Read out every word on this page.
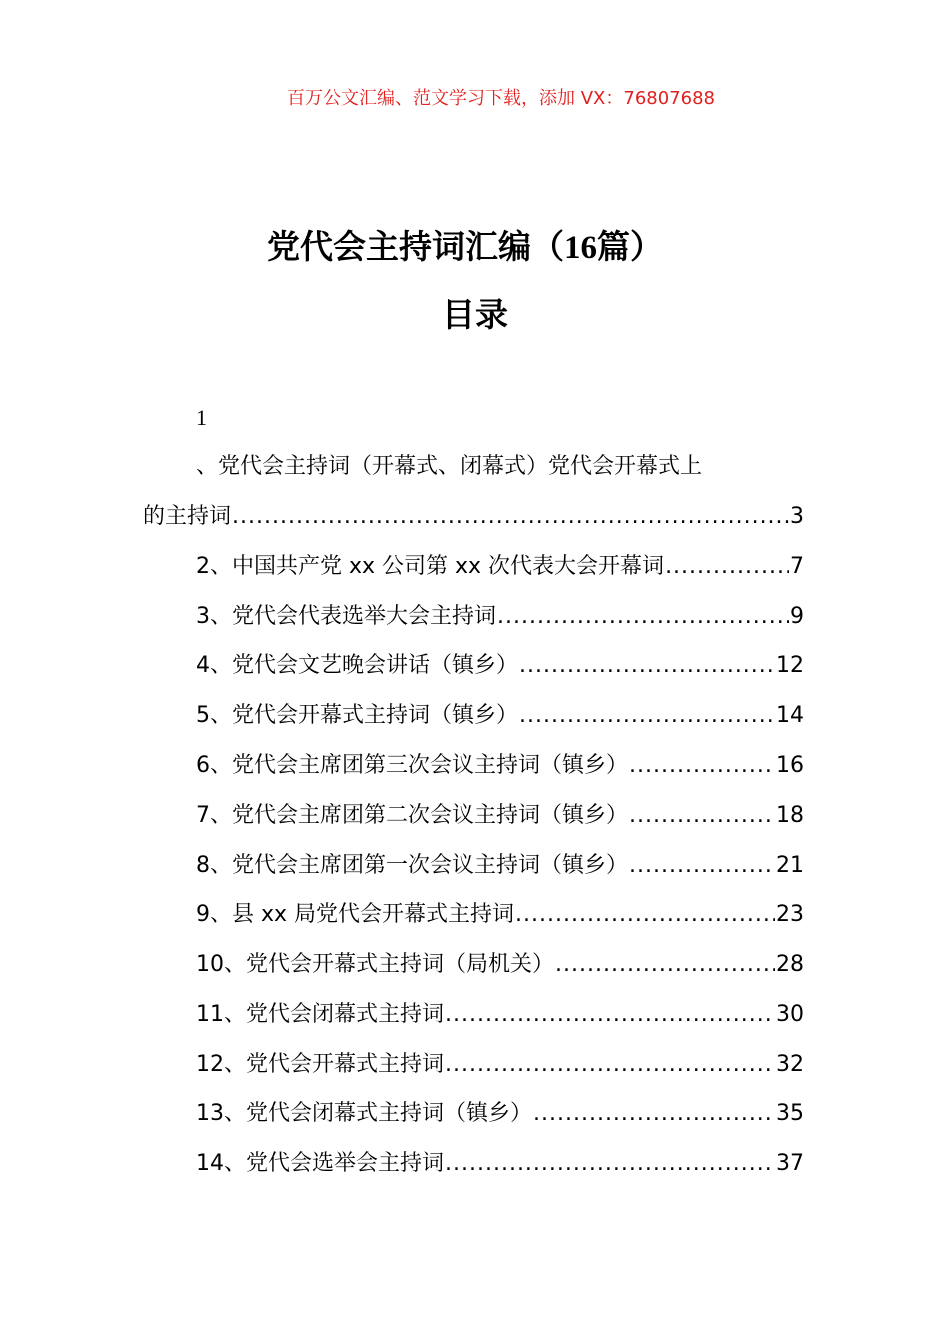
百万公文汇编、范文学习下载，添加 VX：76807688
党代会主持词汇编（16篇）
目录
1
、党代会主持词（开幕式、闭幕式）党代会开幕式上
的主持词 .....	3
2、中国共产党 xx 公司第 xx 次代表大会开幕词 .....	7
3、党代会代表选举大会主持词 .....	9
4、党代会文艺晚会讲话（镇乡） .....	12
5、党代会开幕式主持词（镇乡） .....	14
6、党代会主席团第三次会议主持词（镇乡） .....	16
7、党代会主席团第二次会议主持词（镇乡） .....	18
8、党代会主席团第一次会议主持词（镇乡） .....	21
9、县 xx 局党代会开幕式主持词 .....	23
10、党代会开幕式主持词（局机关） .....	28
11、党代会闭幕式主持词 .....	30
12、党代会开幕式主持词 .....	32
13、党代会闭幕式主持词（镇乡） .....	35
14、党代会选举会主持词 .....	37
